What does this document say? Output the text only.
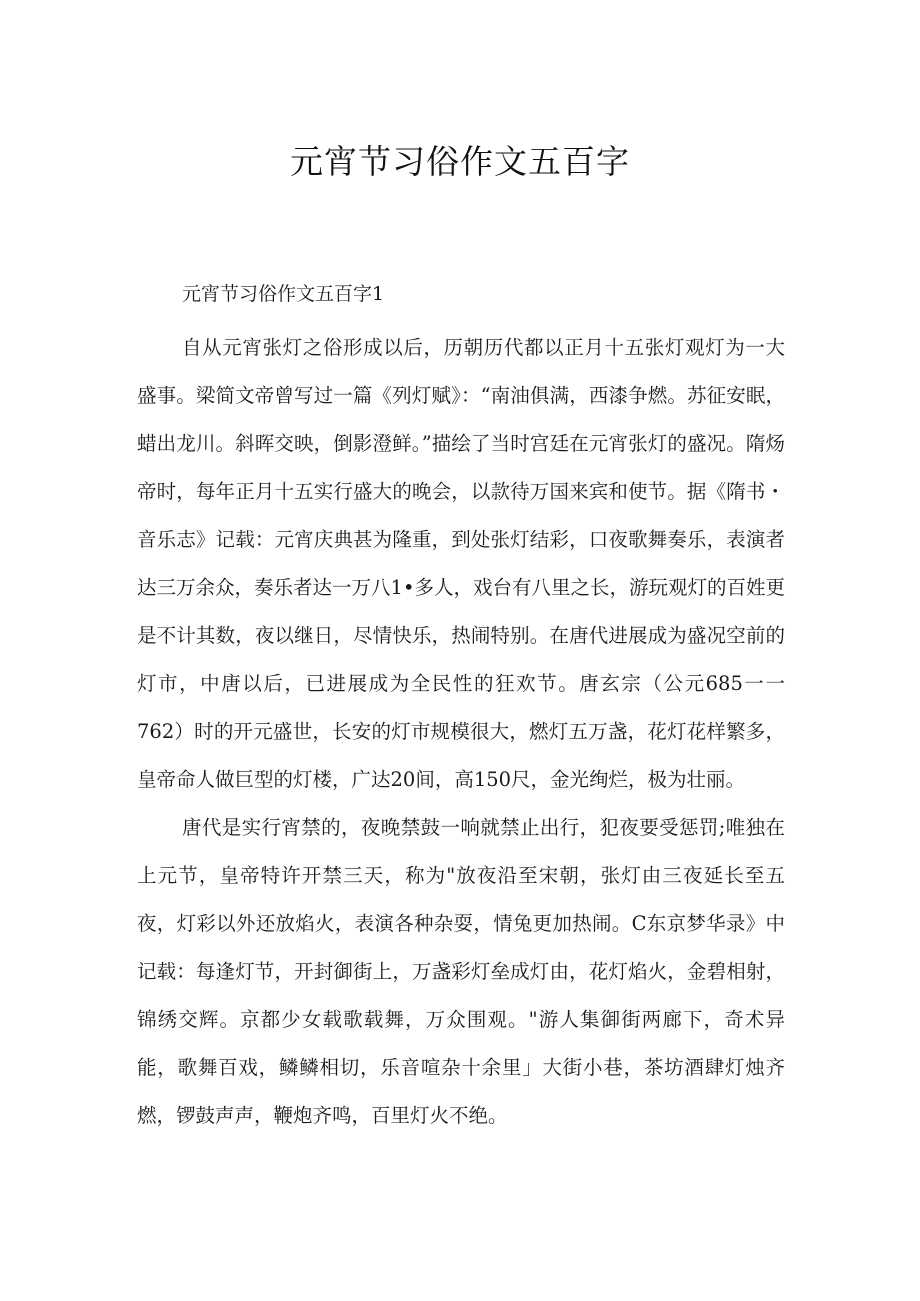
元宵节习俗作文五百字
元宵节习俗作文五百字1

自从元宵张灯之俗形成以后，历朝历代都以正月十五张灯观灯为一大盛事。梁简文帝曾写过一篇《列灯赋》：“南油俱满，西漆争燃。苏征安眠，蜡出龙川。斜晖交映，倒影澄鲜。”描绘了当时宫廷在元宵张灯的盛况。隋炀帝时，每年正月十五实行盛大的晚会，以款待万国来宾和使节。据《隋书・音乐志》记载：元宵庆典甚为隆重，到处张灯结彩，口夜歌舞奏乐，表演者达三万余众，奏乐者达一万八1•多人，戏台有八里之长，游玩观灯的百姓更是不计其数，夜以继日，尽情快乐，热闹特别。在唐代进展成为盛况空前的灯市，中唐以后，已进展成为全民性的狂欢节。唐玄宗（公元685一一762）时的开元盛世，长安的灯市规模很大，燃灯五万盏，花灯花样繁多，皇帝命人做巨型的灯楼，广达20间，高150尺，金光绚烂，极为壮丽。

唐代是实行宵禁的，夜晚禁鼓一响就禁止出行，犯夜要受惩罚;唯独在上元节，皇帝特许开禁三天，称为"放夜沿至宋朝，张灯由三夜延长至五夜，灯彩以外还放焰火，表演各种杂耍，情兔更加热闹。C东京梦华录》中记载：每逢灯节，开封御街上，万盏彩灯垒成灯由，花灯焰火，金碧相射，锦绣交辉。京都少女载歌载舞，万众围观。"游人集御街两廊下，奇术异能，歌舞百戏，鳞鳞相切，乐音喧杂十余里」大街小巷，茶坊酒肆灯烛齐燃，锣鼓声声，鞭炮齐鸣，百里灯火不绝。
